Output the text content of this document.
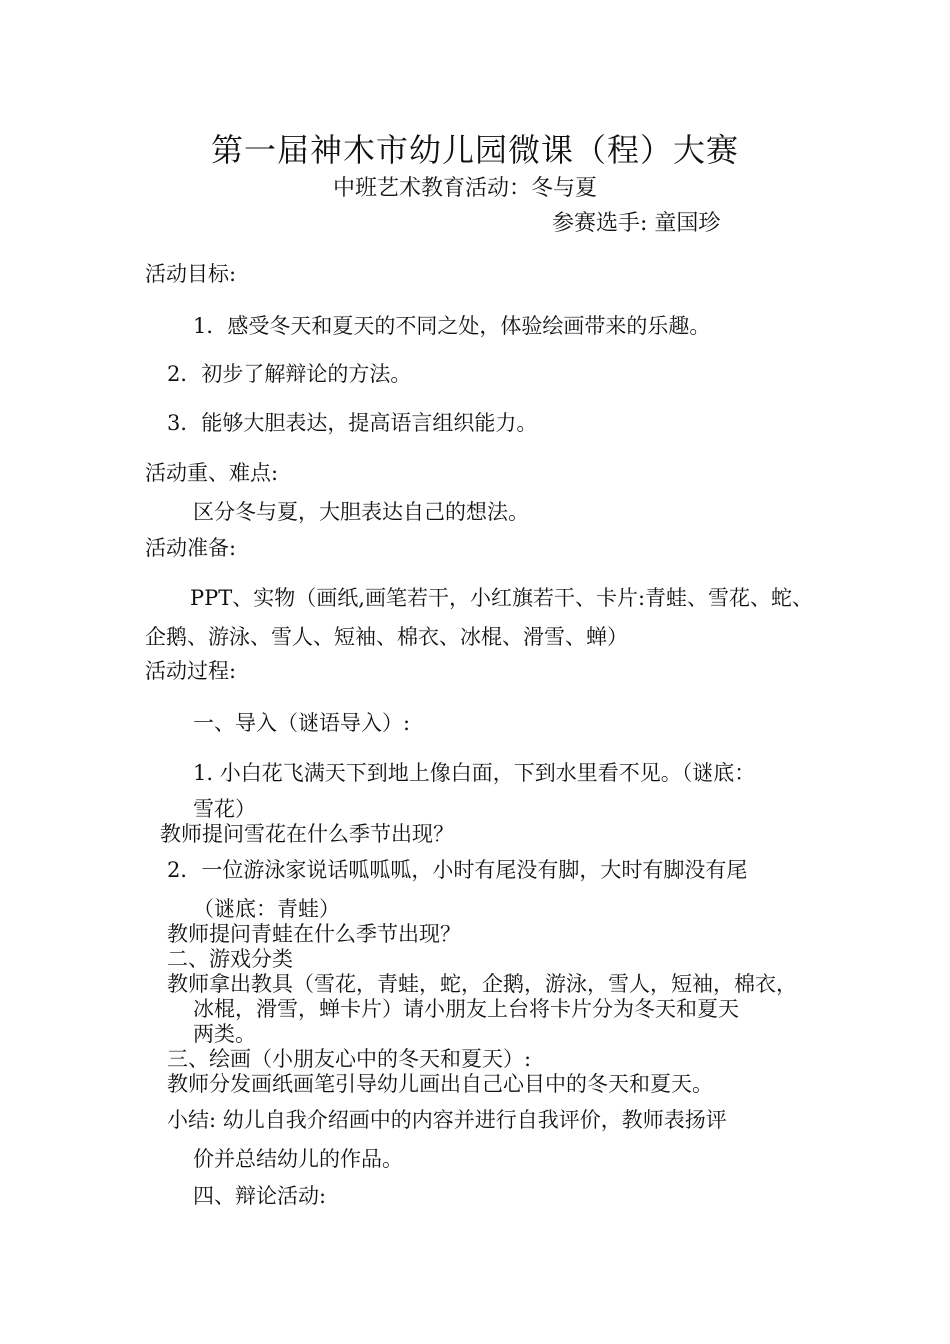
第一届神木市幼儿园微课（程）大赛
中班艺术教育活动：冬与夏
参赛选手: 童国珍
活动目标:
1．感受冬天和夏天的不同之处，体验绘画带来的乐趣。
2．初步了解辩论的方法。
3．能够大胆表达，提高语言组织能力。
活动重、难点:
区分冬与夏，大胆表达自己的想法。
活动准备:
PPT、实物（画纸,画笔若干，小红旗若干、卡片:青蛙、雪花、蛇、
企鹅、游泳、雪人、短袖、棉衣、冰棍、滑雪、蝉）
活动过程:
一、导入（谜语导入）:
1. 小白花飞满天下到地上像白面，下到水里看不见。（谜底：
雪花）
教师提问雪花在什么季节出现？
2．一位游泳家说话呱呱呱，小时有尾没有脚，大时有脚没有尾
（谜底：青蛙）
教师提问青蛙在什么季节出现？
二、游戏分类
教师拿出教具（雪花，青蛙，蛇，企鹅，游泳，雪人，短袖，棉衣，
冰棍，滑雪，蝉卡片）请小朋友上台将卡片分为冬天和夏天
两类。
三、绘画（小朋友心中的冬天和夏天）:
教师分发画纸画笔引导幼儿画出自己心目中的冬天和夏天。
小结: 幼儿自我介绍画中的内容并进行自我评价，教师表扬评
价并总结幼儿的作品。
四、辩论活动:
